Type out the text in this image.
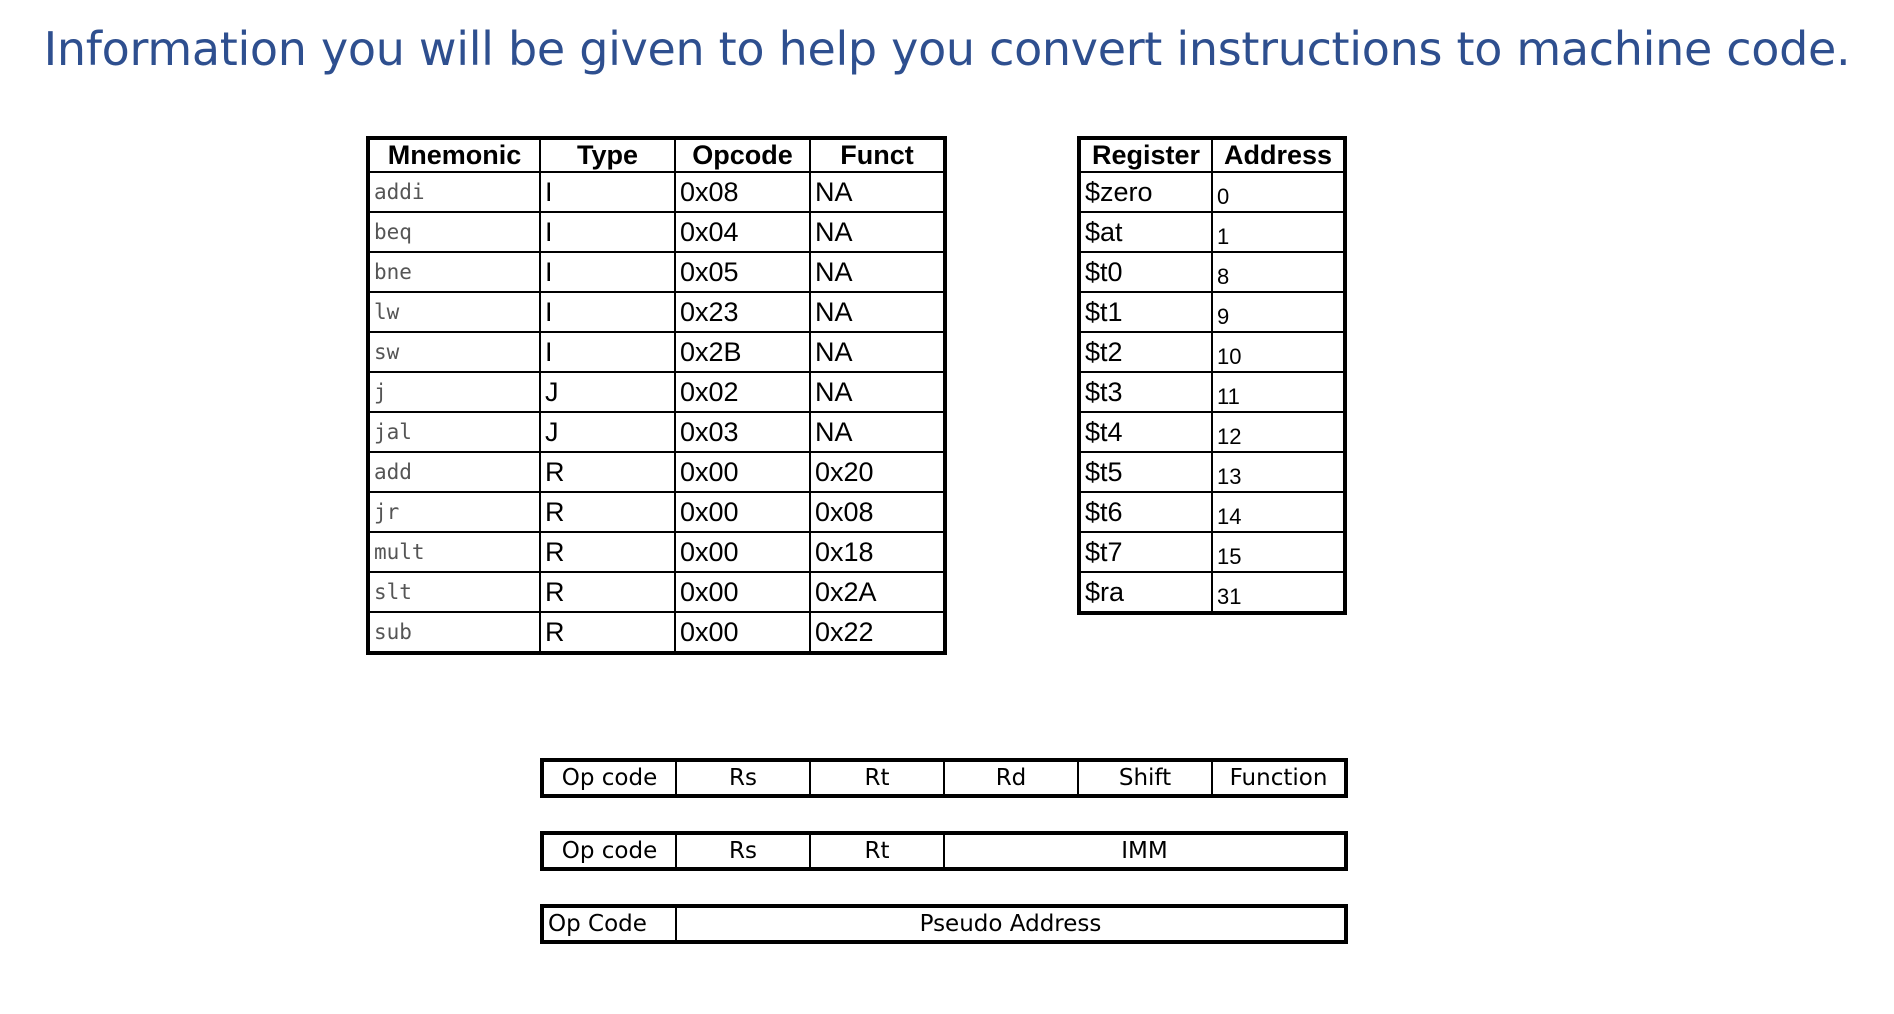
Information you will be given to help you convert instructions to machine code.
Mnemonic	Type	Opcode	Funct
addi	I	0x08	NA
beq	I	0x04	NA
bne	I	0x05	NA
lw	I	0x23	NA
sw	I	0x2B	NA
j	J	0x02	NA
jal	J	0x03	NA
add	R	0x00	0x20
jr	R	0x00	0x08
mult	R	0x00	0x18
slt	R	0x00	0x2A
sub	R	0x00	0x22
Register	Address
$zero	0
$at	1
$t0	8
$t1	9
$t2	10
$t3	11
$t4	12
$t5	13
$t6	14
$t7	15
$ra	31
Op code	Rs	Rt	Rd	Shift	Function
Op code	Rs	Rt	IMM
Op Code	Pseudo Address
